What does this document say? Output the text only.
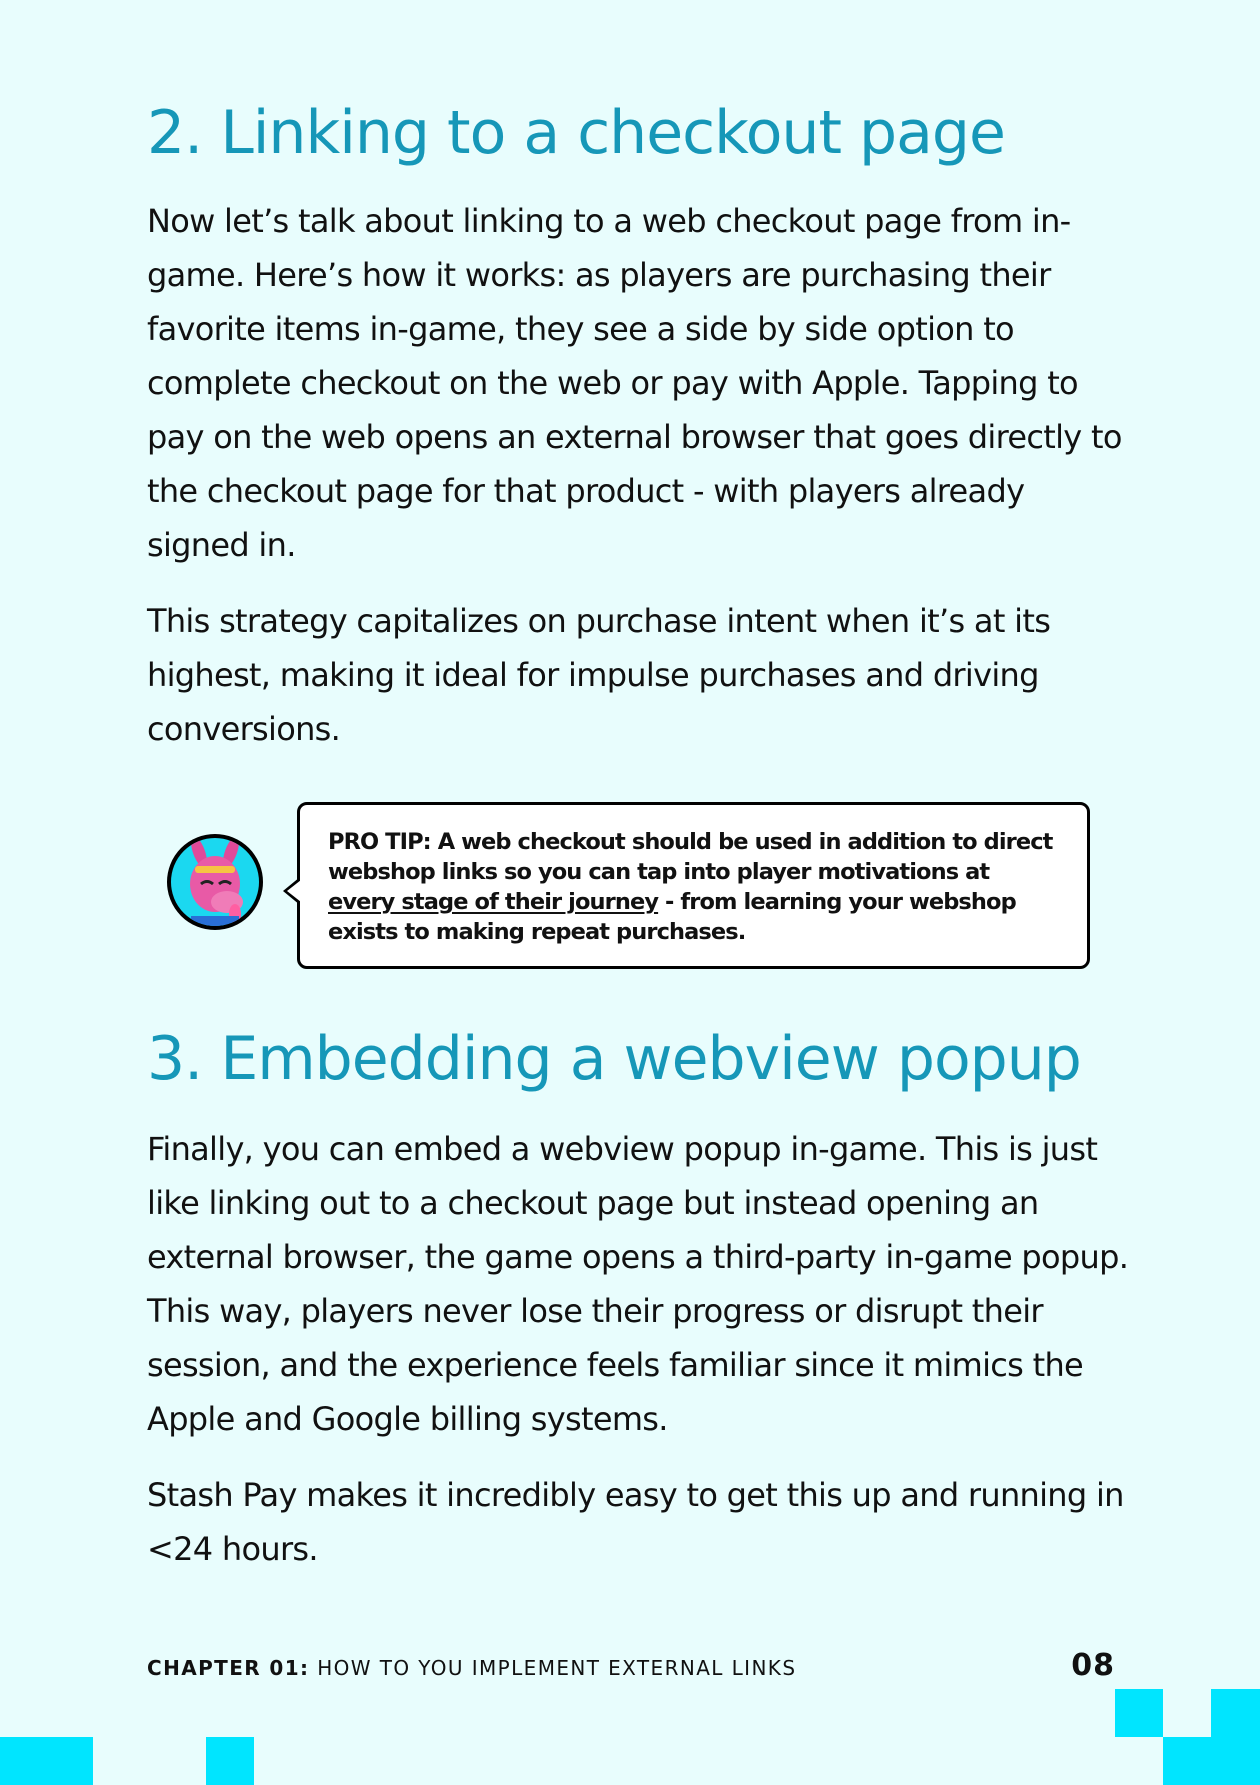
2. Linking to a checkout page

Now let’s talk about linking to a web checkout page from in-game. Here’s how it works: as players are purchasing their favorite items in-game, they see a side by side option to complete checkout on the web or pay with Apple. Tapping to pay on the web opens an external browser that goes directly to the checkout page for that product - with players already signed in.

This strategy capitalizes on purchase intent when it’s at its highest, making it ideal for impulse purchases and driving conversions.

PRO TIP: A web checkout should be used in addition to direct webshop links so you can tap into player motivations at every stage of their journey - from learning your webshop exists to making repeat purchases.

3. Embedding a webview popup

Finally, you can embed a webview popup in-game. This is just like linking out to a checkout page but instead opening an external browser, the game opens a third-party in-game popup. This way, players never lose their progress or disrupt their session, and the experience feels familiar since it mimics the Apple and Google billing systems.

Stash Pay makes it incredibly easy to get this up and running in <24 hours.

CHAPTER 01: HOW TO YOU IMPLEMENT EXTERNAL LINKS	08
